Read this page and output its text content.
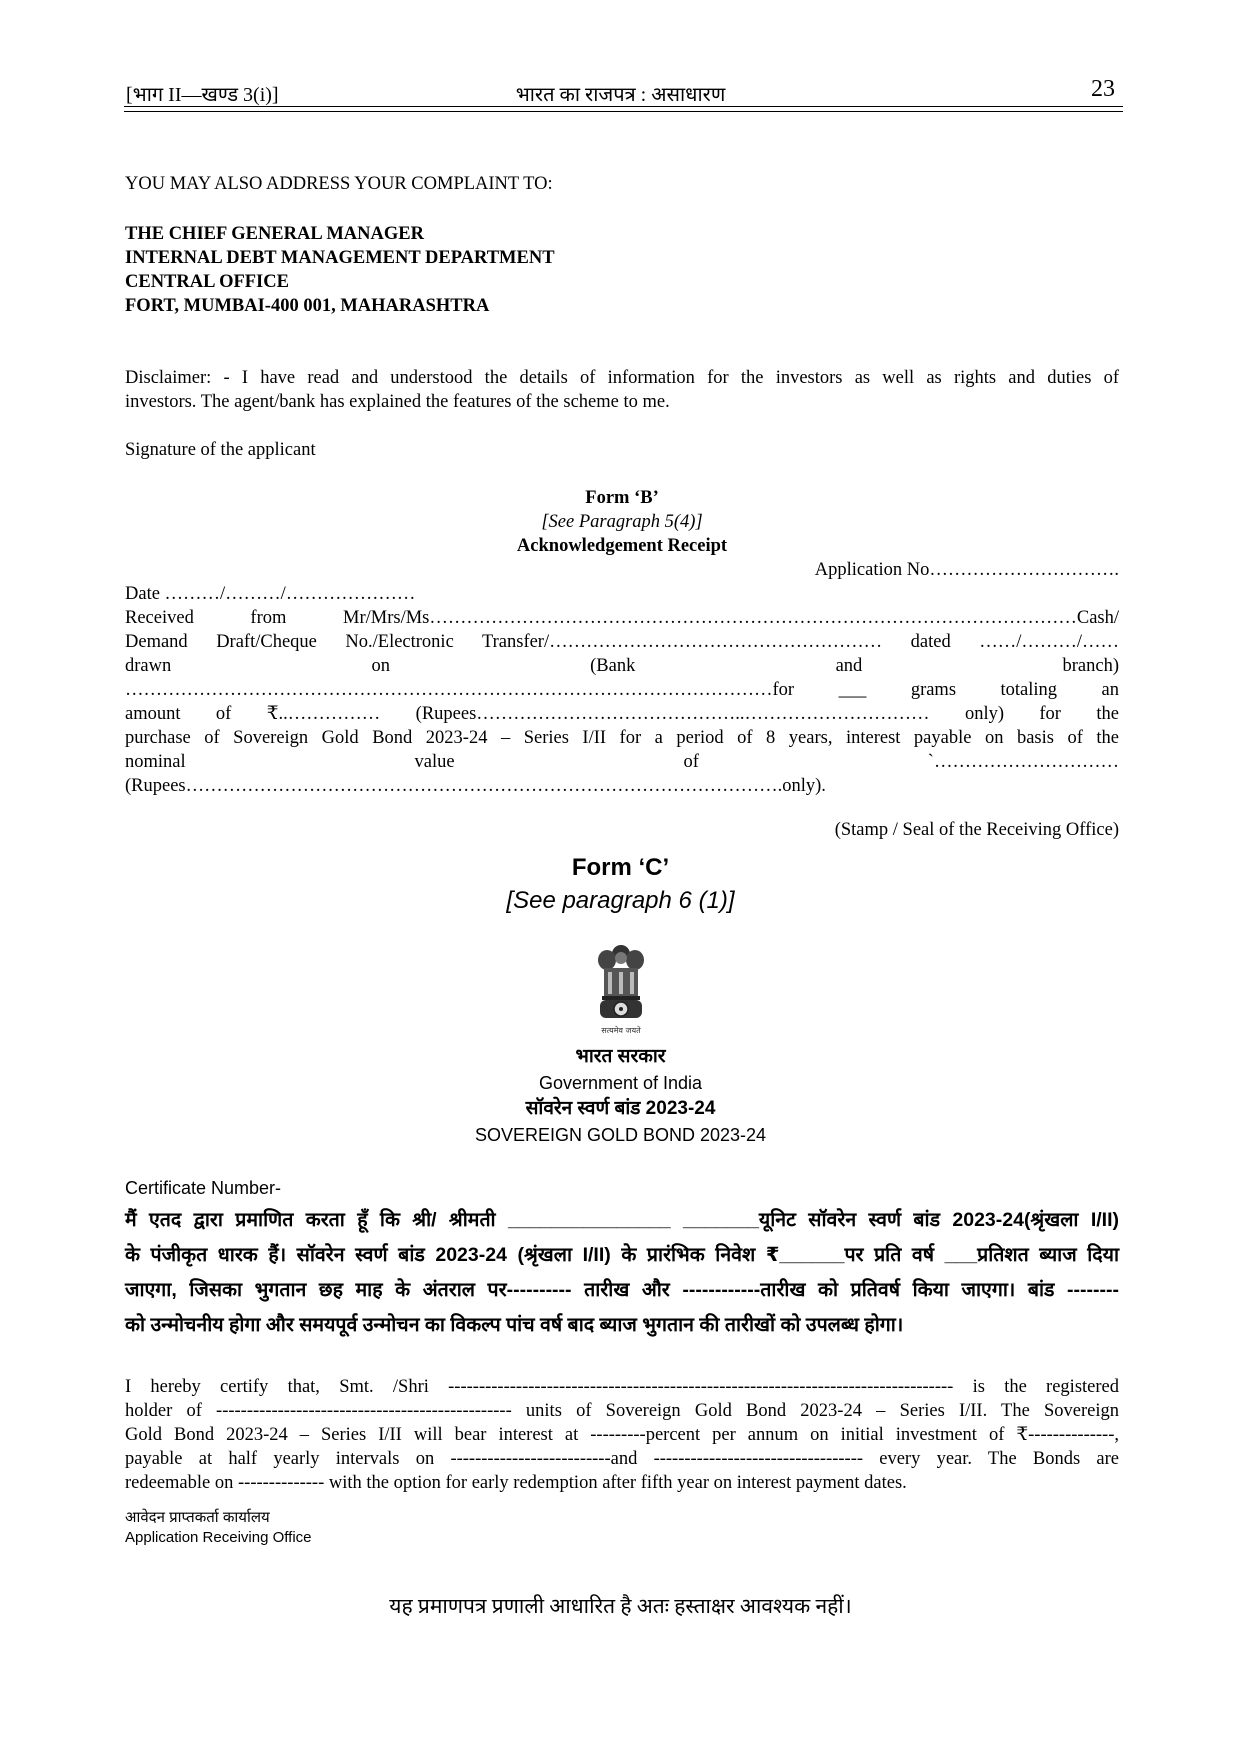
[भाग II—खण्ड 3(i)]	भारत का राजपत्र : असाधारण	23
YOU MAY ALSO ADDRESS YOUR COMPLAINT TO:
THE CHIEF GENERAL MANAGER
INTERNAL DEBT MANAGEMENT DEPARTMENT
CENTRAL OFFICE
FORT, MUMBAI-400 001, MAHARASHTRA
Disclaimer: - I have read and understood the details of information for the investors as well as rights and duties of
investors. The agent/bank has explained the features of the scheme to me.
Signature of the applicant
Form ‘B’
[See Paragraph 5(4)]
Acknowledgement Receipt
Application No………………………….
Date ………/………/…………………
Received from Mr/Mrs/Ms……………………………………………………………………………………………Cash/
Demand Draft/Cheque No./Electronic Transfer/……………………………………………… dated ……/………/……
drawn	on	(Bank	and	branch)
……………………………………………………………………………………………for ___ grams totaling an
amount of ₹..…………… (Rupees……………………………………..………………………… only) for the
purchase of Sovereign Gold Bond 2023-24 – Series I/II for a period of 8 years, interest payable on basis of the
nominal	value	of	`…………………………
(Rupees…………………………………………………………………………………….only).
(Stamp / Seal of the Receiving Office)
Form ‘C’
[See paragraph 6 (1)]
सत्यमेव जयते
भारत सरकार
Government of India
सॉवरेन स्वर्ण बांड 2023-24
SOVEREIGN GOLD BOND 2023-24
Certificate Number-
मैं एतद द्वारा प्रमाणित करता हूँ कि श्री/ श्रीमती _______________ _______यूनिट सॉवरेन स्वर्ण बांड 2023-24(श्रृंखला I/II)
के पंजीकृत धारक हैं। सॉवरेन स्वर्ण बांड 2023-24 (श्रृंखला I/II) के प्रारंभिक निवेश ₹______पर प्रति वर्ष ___प्रतिशत ब्याज दिया
जाएगा, जिसका भुगतान छह माह के अंतराल पर---------- तारीख और ------------तारीख को प्रतिवर्ष किया जाएगा। बांड --------
को उन्मोचनीय होगा और समयपूर्व उन्मोचन का विकल्प पांच वर्ष बाद ब्याज भुगतान की तारीखों को उपलब्ध होगा।
I hereby certify that, Smt. /Shri ---------------------------------------------------------------------------------- is the registered
holder of ------------------------------------------------ units of Sovereign Gold Bond 2023-24 – Series I/II. The Sovereign
Gold Bond 2023-24 – Series I/II will bear interest at ---------percent per annum on initial investment of ₹--------------,
payable at half yearly intervals on --------------------------and ---------------------------------- every year. The Bonds are
redeemable on -------------- with the option for early redemption after fifth year on interest payment dates.
आवेदन प्राप्तकर्ता कार्यालय
Application Receiving Office
यह प्रमाणपत्र प्रणाली आधारित है अतः हस्ताक्षर आवश्यक नहीं।
